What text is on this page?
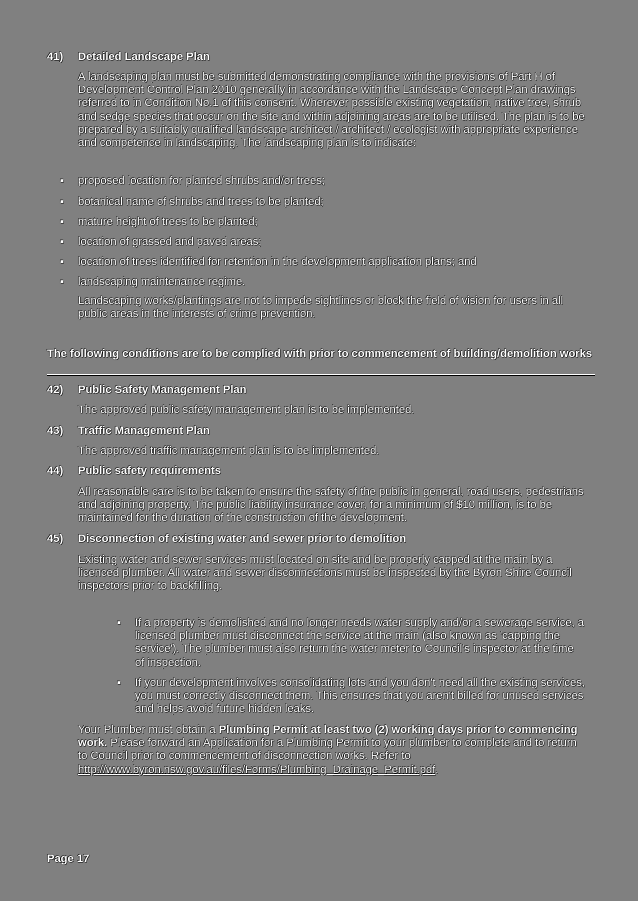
41) Detailed Landscape Plan
A landscaping plan must be submitted demonstrating compliance with the provisions of Part H of Development Control Plan 2010 generally in accordance with the Landscape Concept Plan drawings referred to in Condition No.1 of this consent. Wherever possible existing vegetation, native tree, shrub and sedge species that occur on the site and within adjoining areas are to be utilised. The plan is to be prepared by a suitably qualified landscape architect / architect / ecologist with appropriate experience and competence in landscaping. The landscaping plan is to indicate:
▪ proposed location for planted shrubs and/or trees;
▪ botanical name of shrubs and trees to be planted;
▪ mature height of trees to be planted;
▪ location of grassed and paved areas;
▪ location of trees identified for retention in the development application plans; and
▪ landscaping maintenance regime.
Landscaping works/plantings are not to impede sightlines or block the field of vision for users in all public areas in the interests of crime prevention.
The following conditions are to be complied with prior to commencement of building/demolition works
42) Public Safety Management Plan
The approved public safety management plan is to be implemented.
43) Traffic Management Plan
The approved traffic management plan is to be implemented.
44) Public safety requirements
All reasonable care is to be taken to ensure the safety of the public in general, road users, pedestrians and adjoining property. The public liability insurance cover, for a minimum of $10 million, is to be maintained for the duration of the construction of the development.
45) Disconnection of existing water and sewer prior to demolition
Existing water and sewer services must located on site and be properly capped at the main by a licenced plumber. All water and sewer disconnections must be inspected by the Byron Shire Council inspectors prior to backfilling.
▪ If a property is demolished and no longer needs water supply and/or a sewerage service, a licensed plumber must disconnect the service at the main (also known as 'capping the service'). The plumber must also return the water meter to Council's inspector at the time of inspection.
▪ If your development involves consolidating lots and you don't need all the existing services, you must correctly disconnect them. This ensures that you aren't billed for unused services and helps avoid future hidden leaks.
Your Plumber must obtain a Plumbing Permit at least two (2) working days prior to commencing work. Please forward an Application for a Plumbing Permit to your plumber to complete and to return to Council prior to commencement of disconnection works. Refer to http://www.byron.nsw.gov.au/files/Forms/Plumbing_Drainage_Permit.pdf.
Page 17
